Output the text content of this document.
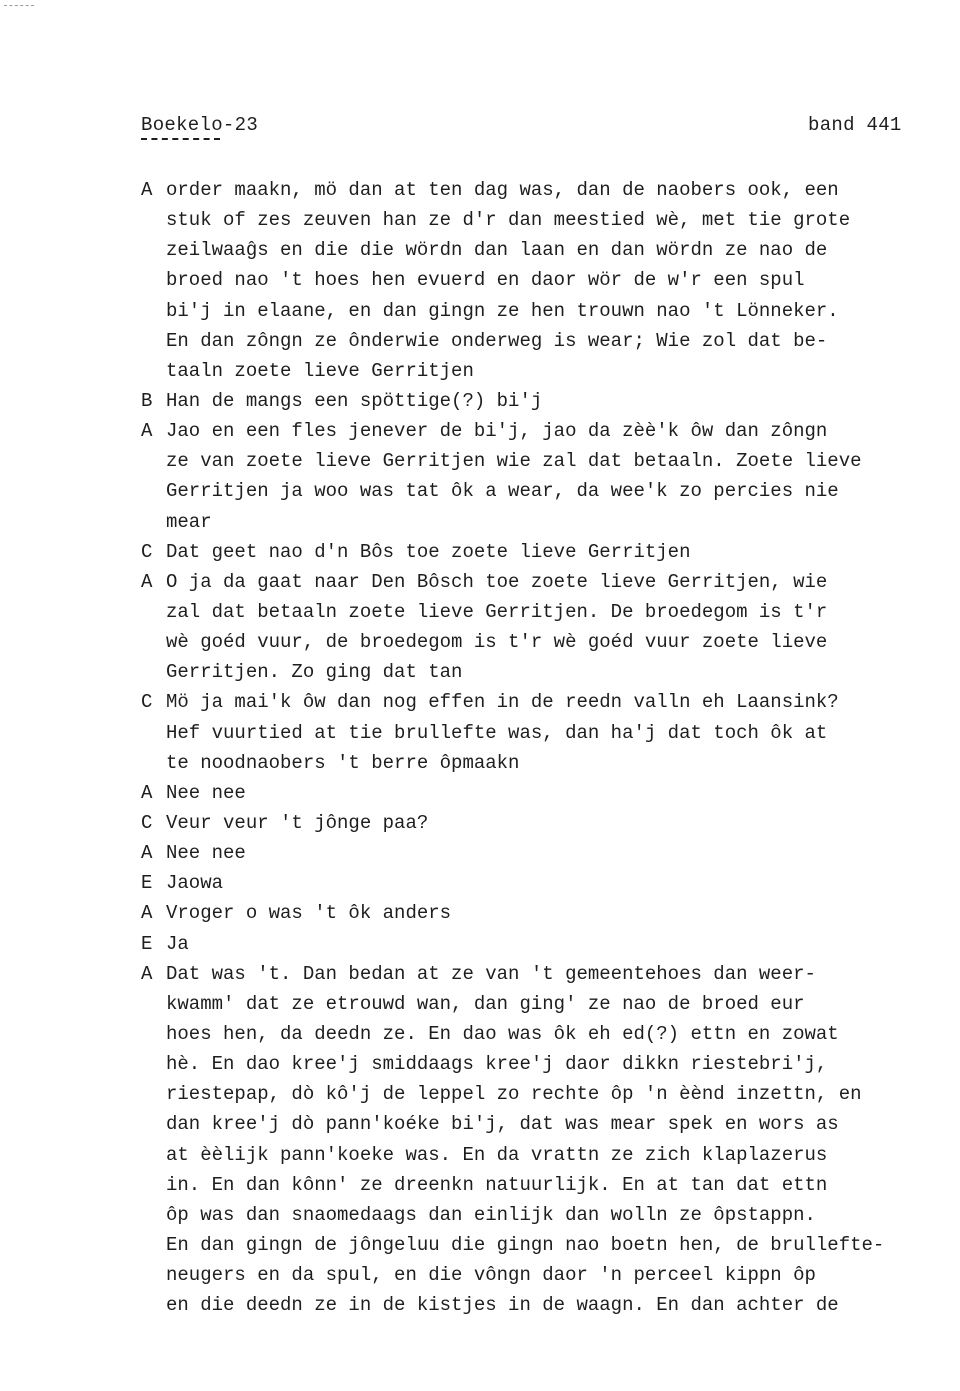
Boekelo-23	band 441
A order maakn, mö dan at ten dag was, dan de naobers ook, een
stuk of zes zeuven han ze d'r dan meestied wè, met tie grote
zeilwaaĝs en die die wördn dan laan en dan wördn ze nao de
broed nao 't hoes hen evuerd en daor wör de w'r een spul
bi'j in elaane, en dan gingn ze hen trouwn nao 't Lönneker.
En dan zôngn ze ônderwie onderweg is wear; Wie zol dat be-
taaln zoete lieve Gerritjen
B Han de mangs een spöttige(?) bi'j
A Jao en een fles jenever de bi'j, jao da zèè'k ôw dan zôngn
ze van zoete lieve Gerritjen wie zal dat betaaln. Zoete lieve
Gerritjen ja woo was tat ôk a wear, da wee'k zo percies nie
mear
C Dat geet nao d'n Bôs toe zoete lieve Gerritjen
A O ja da gaat naar Den Bôsch toe zoete lieve Gerritjen, wie
zal dat betaaln zoete lieve Gerritjen. De broedegom is t'r
wè goéd vuur, de broedegom is t'r wè goéd vuur zoete lieve
Gerritjen. Zo ging dat tan
C Mö ja mai'k ôw dan nog effen in de reedn valln eh Laansink?
Hef vuurtied at tie brullefte was, dan ha'j dat toch ôk at
te noodnaobers 't berre ôpmaakn
A Nee nee
C Veur veur 't jônge paa?
A Nee nee
E Jaowa
A Vroger o was 't ôk anders
E Ja
A Dat was 't. Dan bedan at ze van 't gemeentehoes dan weer-
kwamm' dat ze etrouwd wan, dan ging' ze nao de broed eur
hoes hen, da deedn ze. En dao was ôk eh ed(?) ettn en zowat
hè. En dao kree'j smiddaags kree'j daor dikkn riestebri'j,
riestepap, dò kô'j de leppel zo rechte ôp 'n èènd inzettn, en
dan kree'j dò pann'koéke bi'j, dat was mear spek en wors as
at èèlijk pann'koeke was. En da vrattn ze zich klaplazerus
in. En dan kônn' ze dreenkn natuurlijk. En at tan dat ettn
ôp was dan snaomedaags dan einlijk dan wolln ze ôpstappn.
En dan gingn de jôngeluu die gingn nao boetn hen, de brullefte-
neugers en da spul, en die vôngn daor 'n perceel kippn ôp
en die deedn ze in de kistjes in de waagn. En dan achter de
